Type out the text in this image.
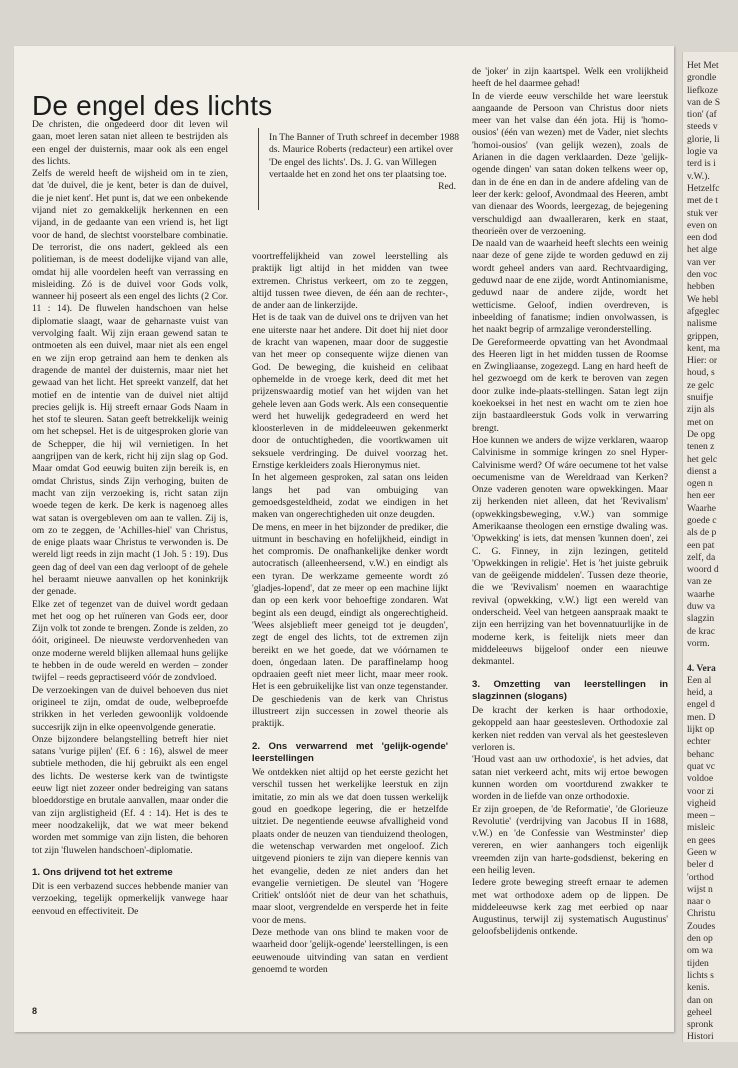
De engel des lichts
In The Banner of Truth schreef in december 1988 ds. Maurice Roberts (redacteur) een artikel over 'De engel des lichts'. Ds. J. G. van Willegen vertaalde het en zond het ons ter plaatsing toe.
Red.

De christen, die ongedeerd door dit leven wil gaan, moet leren satan niet alleen te bestrijden als een engel der duisternis, maar ook als een engel des lichts.

Zelfs de wereld heeft de wijsheid om in te zien, dat 'de duivel, die je kent, beter is dan de duivel, die je niet kent'. Het punt is, dat we een onbekende vijand niet zo gemakkelijk herkennen en een vijand, in de gedaante van een vriend is, het ligt voor de hand, de slechtst voorstelbare combinatie. De terrorist, die ons nadert, gekleed als een politieman, is de meest dodelijke vijand van alle, omdat hij alle voordelen heeft van verrassing en misleiding. Zó is de duivel voor Gods volk, wanneer hij poseert als een engel des lichts (2 Cor. 11 : 14). De fluwelen handschoen van helse diplomatie slaagt, waar de geharnaste vuist van vervolging faalt. Wij zijn eraan gewend satan te ontmoeten als een duivel, maar niet als een engel en we zijn erop getraind aan hem te denken als dragende de mantel der duisternis, maar niet het gewaad van het licht. Het spreekt vanzelf, dat het motief en de intentie van de duivel niet altijd precies gelijk is. Hij streeft ernaar Gods Naam in het stof te sleuren. Satan geeft betrekkelijk weinig om het schepsel. Het is de uitgesproken glorie van de Schepper, die hij wil vernietigen. In het aangrijpen van de kerk, richt hij zijn slag op God. Maar omdat God eeuwig buiten zijn bereik is, en omdat Christus, sinds Zijn verhoging, buiten de macht van zijn verzoeking is, richt satan zijn woede tegen de kerk. De kerk is nagenoeg alles wat satan is overgebleven om aan te vallen. Zij is, om zo te zeggen, de 'Achilles-hiel' van Christus, de enige plaats waar Christus te verwonden is. De wereld ligt reeds in zijn macht (1 Joh. 5 : 19). Dus geen dag of deel van een dag verloopt of de gehele hel beraamt nieuwe aanvallen op het koninkrijk der genade.

Elke zet of tegenzet van de duivel wordt gedaan met het oog op het ruïneren van Gods eer, door Zijn volk tot zonde te brengen. Zonde is zelden, zo óóit, origineel. De nieuwste verdorvenheden van onze moderne wereld blijken allemaal huns gelijke te hebben in de oude wereld en werden – zonder twijfel – reeds gepractiseerd vóór de zondvloed.

De verzoekingen van de duivel behoeven dus niet origineel te zijn, omdat de oude, welbeproefde strikken in het verleden gewoonlijk voldoende succesrijk zijn in elke opeenvolgende generatie.

Onze bijzondere belangstelling betreft hier niet satans 'vurige pijlen' (Ef. 6 : 16), alswel de meer subtiele methoden, die hij gebruikt als een engel des lichts. De westerse kerk van de twintigste eeuw ligt niet zozeer onder bedreiging van satans bloeddorstige en brutale aanvallen, maar onder die van zijn arglistigheid (Ef. 4 : 14). Het is des te meer noodzakelijk, dat we wat meer bekend worden met sommige van zijn listen, die behoren tot zijn 'fluwelen handschoen'-diplomatie.

1. Ons drijvend tot het extreme

Dit is een verbazend succes hebbende manier van verzoeking, tegelijk opmerkelijk vanwege haar eenvoud en effectiviteit. De

voortreffelijkheid van zowel leerstelling als praktijk ligt altijd in het midden van twee extremen. Christus verkeert, om zo te zeggen, altijd tussen twee dieven, de één aan de rechter-, de ander aan de linkerzijde.

Het is de taak van de duivel ons te drijven van het ene uiterste naar het andere. Dit doet hij niet door de kracht van wapenen, maar door de suggestie van het meer op consequente wijze dienen van God. De beweging, die kuisheid en celibaat ophemelde in de vroege kerk, deed dit met het prijzenswaardig motief van het wijden van het gehele leven aan Gods werk. Als een consequentie werd het huwelijk gedegradeerd en werd het kloosterleven in de middeleeuwen gekenmerkt door de ontuchtigheden, die voortkwamen uit seksuele verdringing. De duivel voorzag het. Ernstige kerkleiders zoals Hieronymus niet.

In het algemeen gesproken, zal satan ons leiden langs het pad van ombuiging van gemoedsgesteldheid, zodat we eindigen in het maken van ongerechtigheden uit onze deugden.

De mens, en meer in het bijzonder de prediker, die uitmunt in beschaving en hofelijkheid, eindigt in het compromis. De onafhankelijke denker wordt autocratisch (alleenheersend, v.W.) en eindigt als een tyran. De werkzame gemeente wordt zó 'gladjes-lopend', dat ze meer op een machine lijkt dan op een kerk voor behoeftige zondaren. Wat begint als een deugd, eindigt als ongerechtigheid. 'Wees alsjeblieft meer geneigd tot je deugden', zegt de engel des lichts, tot de extremen zijn bereikt en we het goede, dat we vóórnamen te doen, óngedaan laten. De paraffinelamp hoog opdraaien geeft niet meer licht, maar meer rook. Het is een gebruikelijke list van onze tegenstander. De geschiedenis van de kerk van Christus illustreert zijn successen in zowel theorie als praktijk.

2. Ons verwarrend met 'gelijk-ogende' leerstellingen

We ontdekken niet altijd op het eerste gezicht het verschil tussen het werkelijke leerstuk en zijn imitatie, zo min als we dat doen tussen werkelijk goud en goedkope legering, die er hetzelfde uitziet. De negentiende eeuwse afvalligheid vond plaats onder de neuzen van tienduizend theologen, die wetenschap verwarden met ongeloof. Zich uitgevend pioniers te zijn van diepere kennis van het evangelie, deden ze niet anders dan het evangelie vernietigen. De sleutel van 'Hogere Critiek' ontslóót niet de deur van het schathuis, maar sloot, vergrendelde en versperde het in feite voor de mens.

Deze methode van ons blind te maken voor de waarheid door 'gelijk-ogende' leerstellingen, is een eeuwenoude uitvinding van satan en verdient genoemd te worden

de 'joker' in zijn kaartspel. Welk een vrolijkheid heeft de hel daarmee gehad!

In de vierde eeuw verschilde het ware leerstuk aangaande de Persoon van Christus door niets meer van het valse dan één jota. Hij is 'homo-ousios' (één van wezen) met de Vader, niet slechts 'homoi-ousios' (van gelijk wezen), zoals de Arianen in die dagen verklaarden. Deze 'gelijk-ogende dingen' van satan doken telkens weer op, dan in de éne en dan in de andere afdeling van de leer der kerk: geloof, Avondmaal des Heeren, ambt van dienaar des Woords, leergezag, de bejegening verschuldigd aan dwaalleraren, kerk en staat, theorieën over de verzoening.

De naald van de waarheid heeft slechts een weinig naar deze of gene zijde te worden geduwd en zij wordt geheel anders van aard. Rechtvaardiging, geduwd naar de ene zijde, wordt Antinomianisme, geduwd naar de andere zijde, wordt het wetticisme. Geloof, indien overdreven, is inbeelding of fanatisme; indien onvolwassen, is het naakt begrip of armzalige veronderstelling.

De Gereformeerde opvatting van het Avondmaal des Heeren ligt in het midden tussen de Roomse en Zwingliaanse, zogezegd. Lang en hard heeft de hel gezwoegd om de kerk te beroven van zegen door zulke inde-plaats-stellingen. Satan legt zijn koekoeksei in het nest en wacht om te zien hoe zijn bastaardleerstuk Gods volk in verwarring brengt.

Hoe kunnen we anders de wijze verklaren, waarop Calvinisme in sommige kringen zo snel Hyper-Calvinisme werd? Of wáre oecumene tot het valse oecumenisme van de Wereldraad van Kerken? Onze vaderen genoten ware opwekkingen. Maar zij herkenden niet alleen, dat het 'Revivalism' (opwekkingsbeweging, v.W.) van sommige Amerikaanse theologen een ernstige dwaling was. 'Opwekking' is iets, dat mensen 'kunnen doen', zei C. G. Finney, in zijn lezingen, getiteld 'Opwekkingen in religie'. Het is 'het juiste gebruik van de geëigende middelen'. Tussen deze theorie, die we 'Revivalism' noemen en waarachtige revival (opwekking, v.W.) ligt een wereld van onderscheid. Veel van hetgeen aanspraak maakt te zijn een herrijzing van het bovennatuurlijke in de moderne kerk, is feitelijk niets meer dan middeleeuws bijgeloof onder een nieuwe dekmantel.

3. Omzetting van leerstellingen in slagzinnen (slogans)

De kracht der kerken is haar orthodoxie, gekoppeld aan haar geestesleven. Orthodoxie zal kerken niet redden van verval als het geestesleven verloren is.

'Houd vast aan uw orthodoxie', is het advies, dat satan niet verkeerd acht, mits wij ertoe bewogen kunnen worden om voortdurend zwakker te worden in de liefde van onze orthodoxie.

Er zijn groepen, de 'de Reformatie', 'de Glorieuze Revolutie' (verdrijving van Jacobus II in 1688, v.W.) en 'de Confessie van Westminster' diep vereren, en wier aanhangers toch eigenlijk vreemden zijn van harte-godsdienst, bekering en een heilig leven.

Iedere grote beweging streeft ernaar te ademen met wat orthodoxe adem op de lippen. De middeleeuwse kerk zag met eerbied op naar Augustinus, terwijl zij systematisch Augustinus' geloofsbelijdenis ontkende.

8
Het Met
grondle
liefkoze
van de S
tion' (af
steeds v
glorie, li
logie va
terd is i
v.W.).
Hetzelfc
met de t
stuk ver
even on
een dod
het alge
van ver
den voc
hebben
We hebl
afgeglec
nalisme
grippen,
kent, ma
Hier: or
houd, s
ze gelc
snuifje
zijn als
met on
De opg
tenen z
het gelc
dienst a
ogen n
hen eer
Waarhe
goede c
als de p
een pat
zelf, da
woord d
van ze
waarhe
duw va
slagzin
de krac
vorm.
4. Vera
Een al
heid, a
engel d
men. D
lijkt op
echter
behanc
quat vc
voldoe
voor zi
vigheid
meen –
misleic
en gees
Geen w
beler d
'orthod
wijst n
naar o
Christu
Zoudes
den op
om wa
tijden
lichts s
kenis.
dan on
geheel
spronk
Histori
